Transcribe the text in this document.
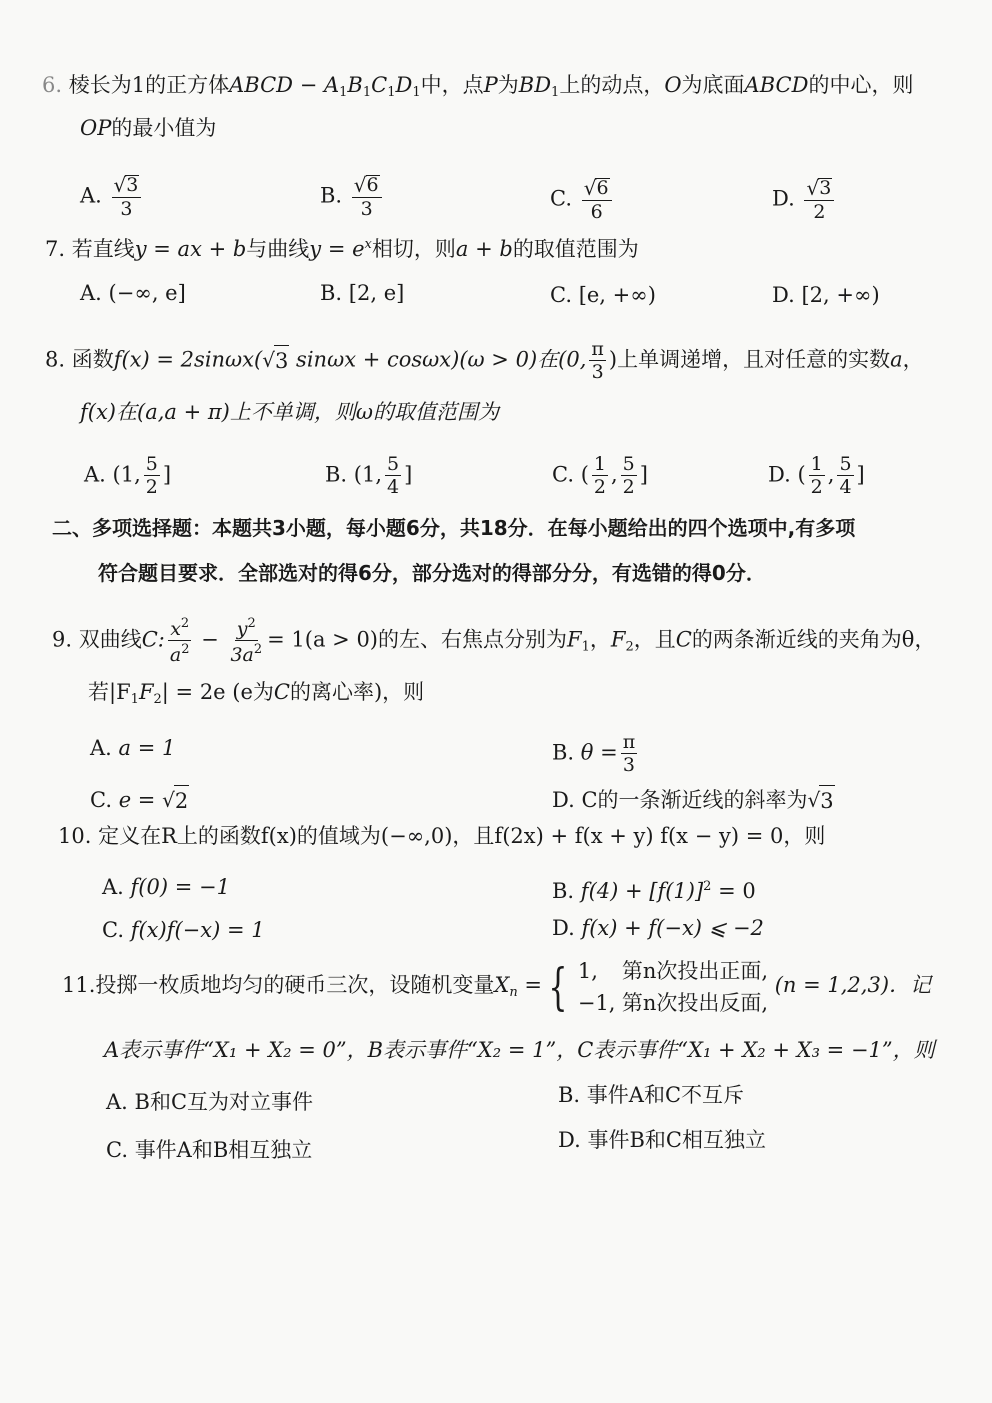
6. 棱长为1的正方体ABCD − $A_1B_1C_1D_1$中，点P为$BD_1$上的动点，O为底面ABCD的中心，则
OP的最小值为
A. $\frac{√ 3}{3}$	B. $\frac{√ 6}{3}$	C. $\frac{√ 6}{6}$	D. $\frac{√ 3}{2}$
7. 若直线y = ax + b与曲线$y = e^x$相切，则a + b的取值范围为
A. (−∞, e]	B. [2, e]	C. [e, +∞)	D. [2, +∞)
8. 函数f(x) = 2sinωx( √ 3 sinωx + cosωx)(ω > 0)在(0, $\frac{\pi}{3}$ )上单调递增，且对任意的实数a，
f(x)在(a,a + π)上不单调，则ω的取值范围为
A. (1, $\frac{5}{2}$ ]	B. (1, $\frac{5}{4}$ ]	C. ( $\frac{1}{2}$ , $\frac{5}{2}$ ]	D. ( $\frac{1}{2}$ , $\frac{5}{4}$ ]
二、多项选择题：本题共3小题，每小题6分，共18分．在每小题给出的四个选项中,有多项
符合题目要求．全部选对的得6分，部分选对的得部分分，有选错的得0分．
9. 双曲线C: $\frac{x^2}{a^2} - \frac{y^2}{3a^2} = 1(a > 0)$的左、右焦点分别为$F_1$，$F_2$，且C的两条渐近线的夹角为θ，
若$|F_1F_2| = 2e$ (e为C的离心率)，则
A. a = 1	B. $\theta = \frac{\pi}{3}$
C. e = √ 2	D. C的一条渐近线的斜率为 √ 3
10. 定义在R上的函数f(x)的值域为(−∞,0)，且f(2x) + f(x + y) f(x − y) = 0，则
A. f(0) = −1	B. $f(4) + [f(1)]^2 = 0$
C. f(x)f(−x) = 1	D. f(x) + f(−x) ⩽ −2
11.投掷一枚质地均匀的硬币三次，设随机变量$X_n$ = { 1,	第n次投出正面,
−1, 第n次投出反面,
(n = 1,2,3)．记
A表示事件“X₁ + X₂ = 0”，B表示事件“X₂ = 1”，C表示事件“X₁ + X₂ + X₃ = −1”，则
A. B和C互为对立事件	B. 事件A和C不互斥
C. 事件A和B相互独立	D. 事件B和C相互独立
